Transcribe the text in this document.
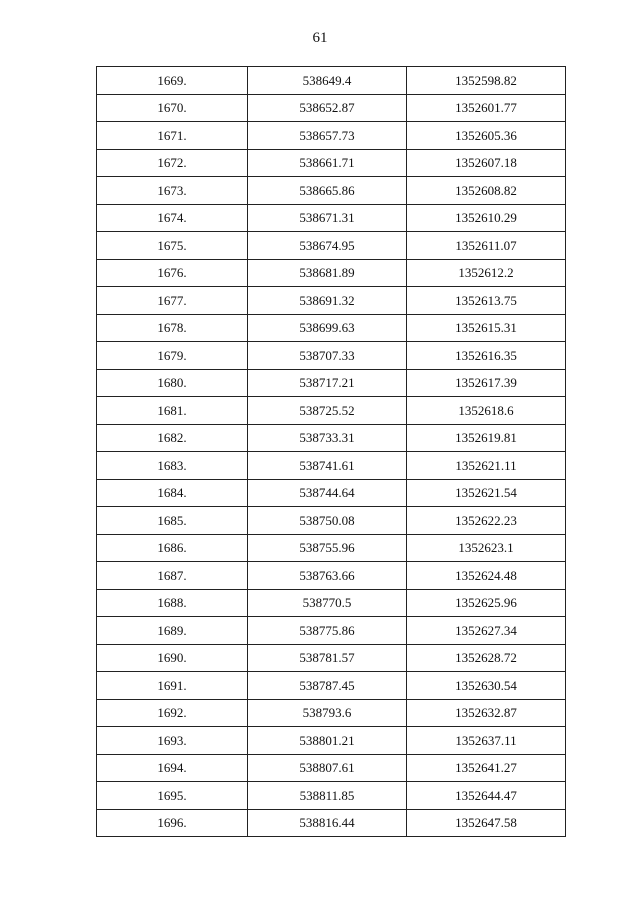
61
1669.	538649.4	1352598.82
1670.	538652.87	1352601.77
1671.	538657.73	1352605.36
1672.	538661.71	1352607.18
1673.	538665.86	1352608.82
1674.	538671.31	1352610.29
1675.	538674.95	1352611.07
1676.	538681.89	1352612.2
1677.	538691.32	1352613.75
1678.	538699.63	1352615.31
1679.	538707.33	1352616.35
1680.	538717.21	1352617.39
1681.	538725.52	1352618.6
1682.	538733.31	1352619.81
1683.	538741.61	1352621.11
1684.	538744.64	1352621.54
1685.	538750.08	1352622.23
1686.	538755.96	1352623.1
1687.	538763.66	1352624.48
1688.	538770.5	1352625.96
1689.	538775.86	1352627.34
1690.	538781.57	1352628.72
1691.	538787.45	1352630.54
1692.	538793.6	1352632.87
1693.	538801.21	1352637.11
1694.	538807.61	1352641.27
1695.	538811.85	1352644.47
1696.	538816.44	1352647.58
